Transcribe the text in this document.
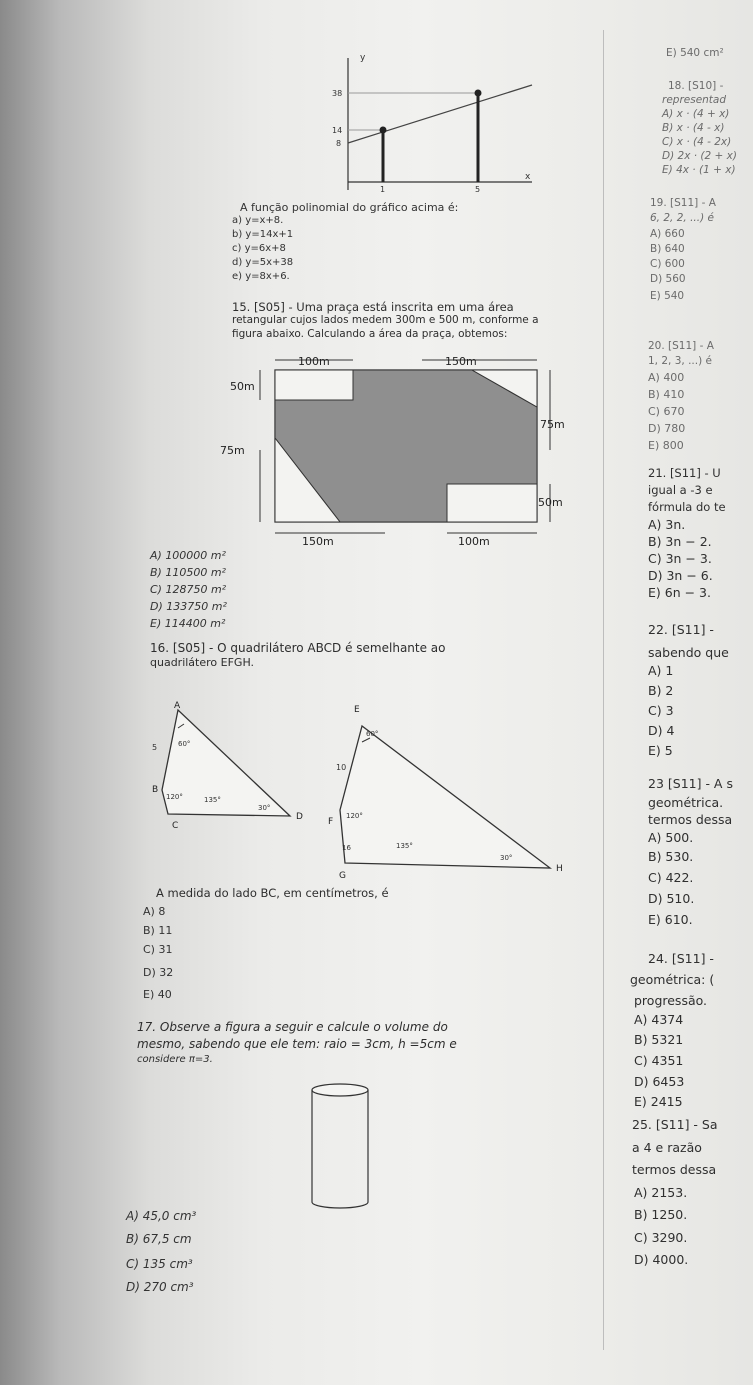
y
38
14
8
1	5
x
A função polinomial do gráfico acima é:
a) y=x+8.
b) y=14x+1
c) y=6x+8
d) y=5x+38
e) y=8x+6.
15. [S05] - Uma praça está inscrita em uma área
retangular cujos lados medem 300m e 500 m, conforme a
figura abaixo. Calculando a área da praça, obtemos:
100m	150m
50m
75m
75m
50m
150m	100m
A) 100000 m²
B) 110500 m²
C) 128750 m²
D) 133750 m²
E) 114400 m²
16. [S05] - O quadrilátero ABCD é semelhante ao
quadrilátero EFGH.
A
B
C
D
5	60°
120°	135°
30°
E
F
G
H
60°
10
120°
16	135°
30°
A medida do lado BC, em centímetros, é
A) 8
B) 11
C) 31
D) 32
E) 40
17. Observe a figura a seguir e calcule o volume do
mesmo, sabendo que ele tem: raio = 3cm, h =5cm e
considere π=3.
A) 45,0 cm³
B) 67,5 cm
C) 135 cm³
D) 270 cm³
E) 540 cm²
18. [S10] -
representad
A) x · (4 + x)
B) x · (4 - x)
C) x · (4 - 2x)
D) 2x · (2 + x)
E) 4x · (1 + x)
19. [S11] - A
6, 2, 2, ...) é
A) 660
B) 640
C) 600
D) 560
E) 540
20. [S11] - A
1, 2, 3, ...) é
A) 400
B) 410
C) 670
D) 780
E) 800
21. [S11] - U
igual a -3 e
fórmula do te
A) 3n.
B) 3n − 2.
C) 3n − 3.
D) 3n − 6.
E) 6n − 3.
22. [S11] -
sabendo que
A) 1
B) 2
C) 3
D) 4
E) 5
23 [S11] - A s
geométrica.
termos dessa
A) 500.
B) 530.
C) 422.
D) 510.
E) 610.
24. [S11] -
geométrica: (
progressão.
A) 4374
B) 5321
C) 4351
D) 6453
E) 2415
25. [S11] - Sa
a 4 e razão
termos dessa
A) 2153.
B) 1250.
C) 3290.
D) 4000.
